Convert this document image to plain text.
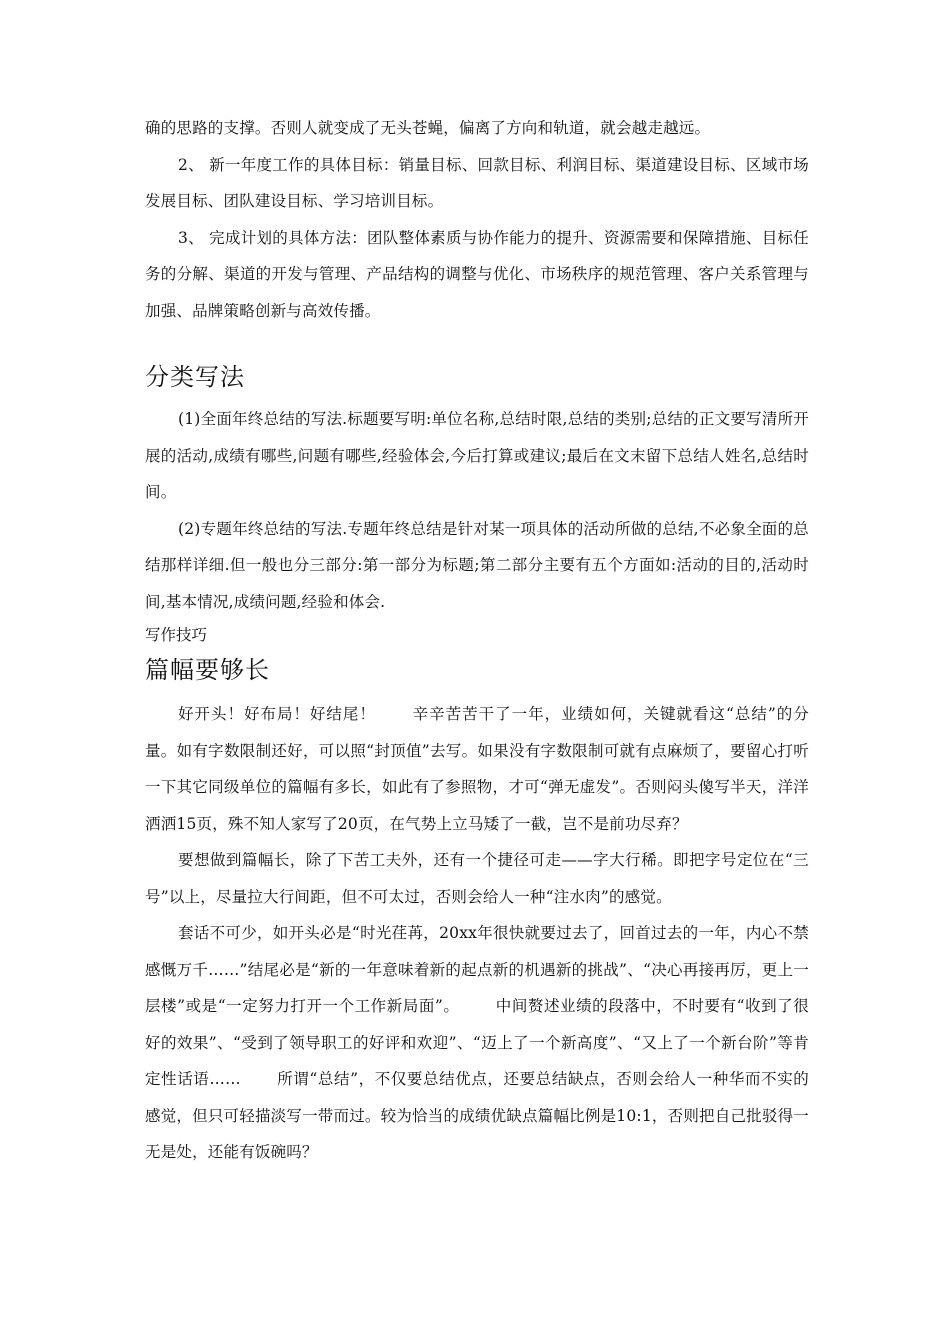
确的思路的支撑。否则人就变成了无头苍蝇，偏离了方向和轨道，就会越走越远。

2、 新一年度工作的具体目标：销量目标、回款目标、利润目标、渠道建设目标、区域市场发展目标、团队建设目标、学习培训目标。

3、 完成计划的具体方法：团队整体素质与协作能力的提升、资源需要和保障措施、目标任务的分解、渠道的开发与管理、产品结构的调整与优化、市场秩序的规范管理、客户关系管理与加强、品牌策略创新与高效传播。

分类写法

(1)全面年终总结的写法.标题要写明:单位名称,总结时限,总结的类别;总结的正文要写清所开展的活动,成绩有哪些,问题有哪些,经验体会,今后打算或建议;最后在文末留下总结人姓名,总结时间。

(2)专题年终总结的写法.专题年终总结是针对某一项具体的活动所做的总结,不必象全面的总结那样详细.但一般也分三部分:第一部分为标题;第二部分主要有五个方面如:活动的目的,活动时间,基本情况,成绩问题,经验和体会.

写作技巧
篇幅要够长

好开头！好布局！好结尾！ 辛辛苦苦干了一年，业绩如何，关键就看这“总结”的分量。如有字数限制还好，可以照“封顶值”去写。如果没有字数限制可就有点麻烦了，要留心打听一下其它同级单位的篇幅有多长，如此有了参照物，才可“弹无虚发”。否则闷头傻写半天，洋洋洒洒15页，殊不知人家写了20页，在气势上立马矮了一截，岂不是前功尽弃？

要想做到篇幅长，除了下苦工夫外，还有一个捷径可走——字大行稀。即把字号定位在“三号”以上，尽量拉大行间距，但不可太过，否则会给人一种“注水肉”的感觉。

套话不可少，如开头必是“时光荏苒，20xx年很快就要过去了，回首过去的一年，内心不禁感慨万千……”结尾必是“新的一年意味着新的起点新的机遇新的挑战”、“决心再接再厉，更上一层楼”或是“一定努力打开一个工作新局面”。 中间赘述业绩的段落中，不时要有“收到了很好的效果”、“受到了领导职工的好评和欢迎”、“迈上了一个新高度”、“又上了一个新台阶”等肯定性话语…… 所谓“总结”，不仅要总结优点，还要总结缺点，否则会给人一种华而不实的感觉，但只可轻描淡写一带而过。较为恰当的成绩优缺点篇幅比例是10:1，否则把自己批驳得一无是处，还能有饭碗吗？
